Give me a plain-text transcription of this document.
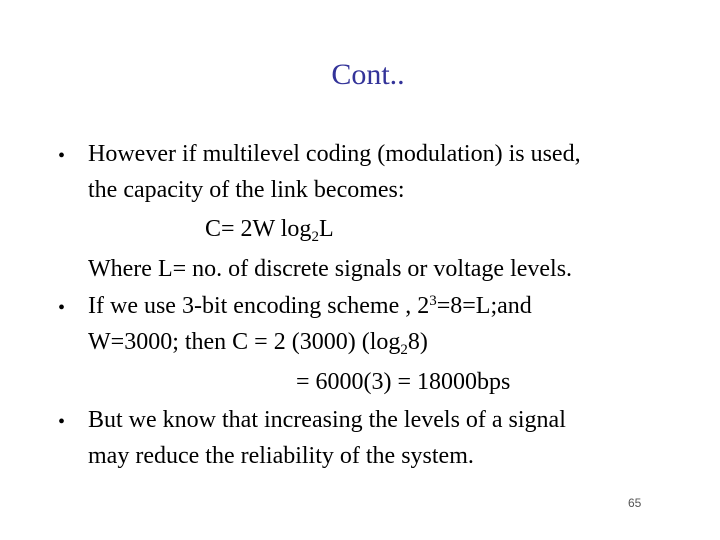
Cont..
• However if multilevel coding (modulation) is used,
the capacity of the link becomes:
C= 2W $\log_2L$
Where L= no. of discrete signals or voltage levels.
• If we use 3-bit encoding scheme , $2^3=8=L;and$
W=3000; then C = 2 (3000) $(\log_28)$
= 6000(3) = 18000bps
• But we know that increasing the levels of a signal
may reduce the reliability of the system.
65
